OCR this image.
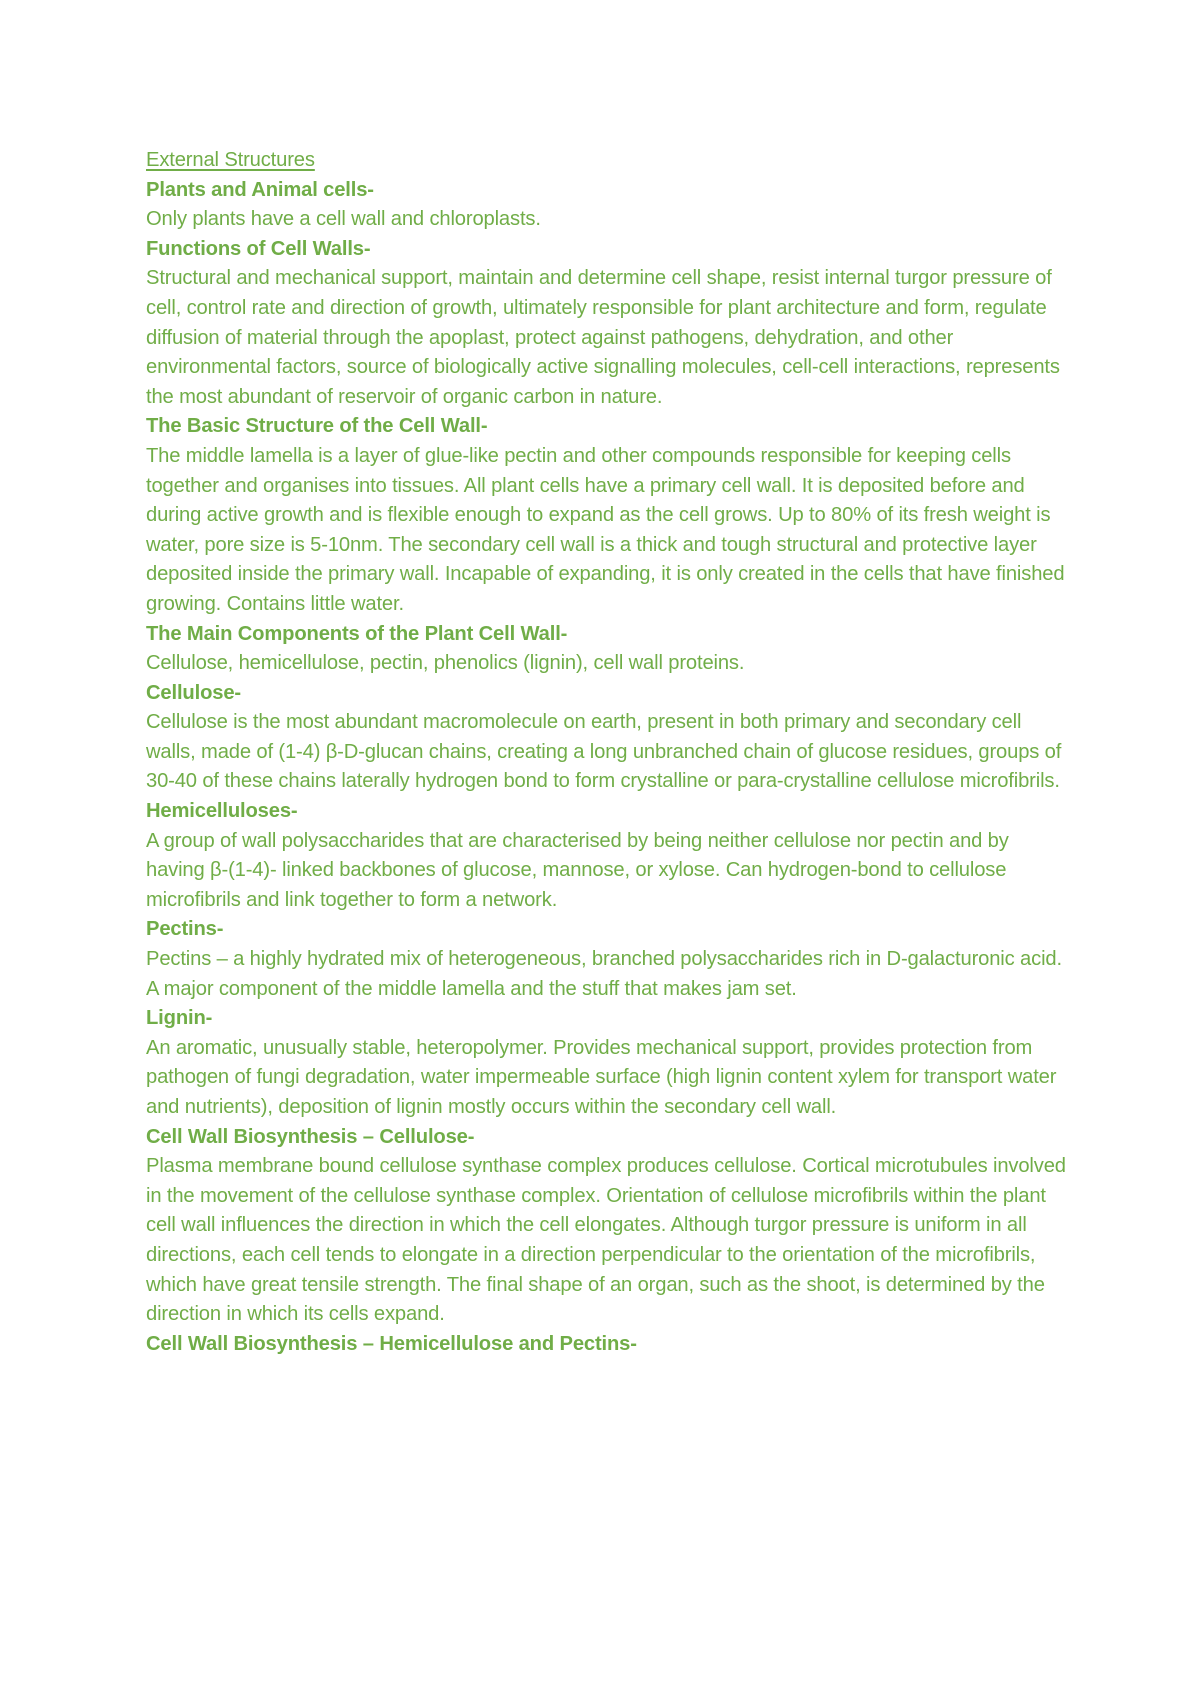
External Structures
Plants and Animal cells-

Only plants have a cell wall and chloroplasts.

Functions of Cell Walls-

Structural and mechanical support, maintain and determine cell shape, resist internal turgor pressure of cell, control rate and direction of growth, ultimately responsible for plant architecture and form, regulate diffusion of material through the apoplast, protect against pathogens, dehydration, and other environmental factors, source of biologically active signalling molecules, cell-cell interactions, represents the most abundant of reservoir of organic carbon in nature.

The Basic Structure of the Cell Wall-

The middle lamella is a layer of glue-like pectin and other compounds responsible for keeping cells together and organises into tissues. All plant cells have a primary cell wall. It is deposited before and during active growth and is flexible enough to expand as the cell grows. Up to 80% of its fresh weight is water, pore size is 5-10nm. The secondary cell wall is a thick and tough structural and protective layer deposited inside the primary wall. Incapable of expanding, it is only created in the cells that have finished growing. Contains little water.

The Main Components of the Plant Cell Wall-

Cellulose, hemicellulose, pectin, phenolics (lignin), cell wall proteins.

Cellulose-

Cellulose is the most abundant macromolecule on earth, present in both primary and secondary cell walls, made of (1-4) β-D-glucan chains, creating a long unbranched chain of glucose residues, groups of 30-40 of these chains laterally hydrogen bond to form crystalline or para-crystalline cellulose microfibrils.

Hemicelluloses-

A group of wall polysaccharides that are characterised by being neither cellulose nor pectin and by having β-(1-4)- linked backbones of glucose, mannose, or xylose. Can hydrogen-bond to cellulose microfibrils and link together to form a network.

Pectins-

Pectins – a highly hydrated mix of heterogeneous, branched polysaccharides rich in D-galacturonic acid. A major component of the middle lamella and the stuff that makes jam set.

Lignin-

An aromatic, unusually stable, heteropolymer. Provides mechanical support, provides protection from pathogen of fungi degradation, water impermeable surface (high lignin content xylem for transport water and nutrients), deposition of lignin mostly occurs within the secondary cell wall.

Cell Wall Biosynthesis – Cellulose-

Plasma membrane bound cellulose synthase complex produces cellulose. Cortical microtubules involved in the movement of the cellulose synthase complex. Orientation of cellulose microfibrils within the plant cell wall influences the direction in which the cell elongates. Although turgor pressure is uniform in all directions, each cell tends to elongate in a direction perpendicular to the orientation of the microfibrils, which have great tensile strength. The final shape of an organ, such as the shoot, is determined by the direction in which its cells expand.

Cell Wall Biosynthesis – Hemicellulose and Pectins-
